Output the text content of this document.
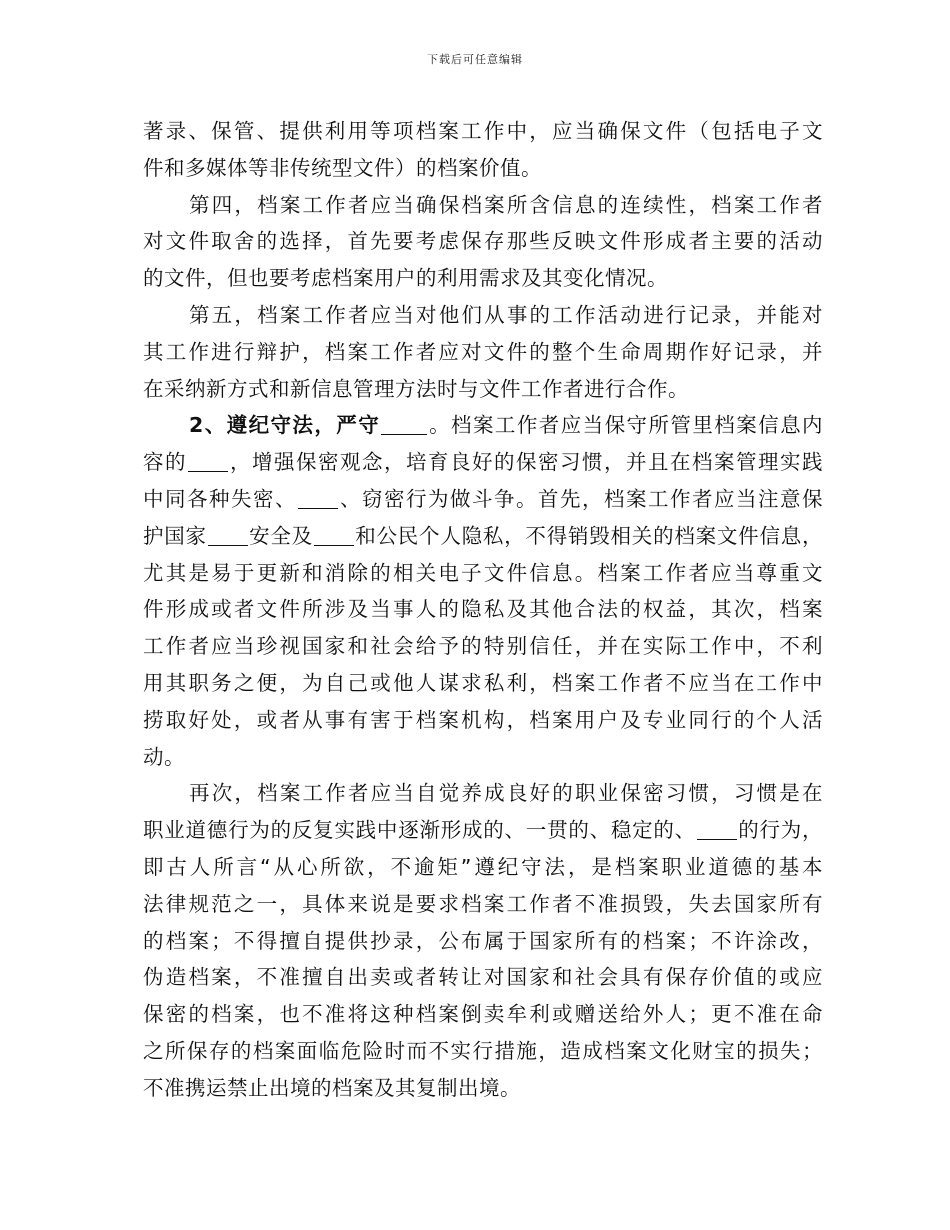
下载后可任意编辑
著录、保管、提供利用等项档案工作中，应当确保文件（包括电子文
件和多媒体等非传统型文件）的档案价值。
第四，档案工作者应当确保档案所含信息的连续性，档案工作者
对文件取舍的选择，首先要考虑保存那些反映文件形成者主要的活动
的文件，但也要考虑档案用户的利用需求及其变化情况。
第五，档案工作者应当对他们从事的工作活动进行记录，并能对
其工作进行辩护，档案工作者应对文件的整个生命周期作好记录，并
在采纳新方式和新信息管理方法时与文件工作者进行合作。
2、遵纪守法，严守 。档案工作者应当保守所管里档案信息内
容的 ，增强保密观念，培育良好的保密习惯，并且在档案管理实践
中同各种失密、 、窃密行为做斗争。首先，档案工作者应当注意保
护国家 安全及 和公民个人隐私，不得销毁相关的档案文件信息，
尤其是易于更新和消除的相关电子文件信息。档案工作者应当尊重文
件形成或者文件所涉及当事人的隐私及其他合法的权益，其次，档案
工作者应当珍视国家和社会给予的特别信任，并在实际工作中，不利
用其职务之便，为自己或他人谋求私利，档案工作者不应当在工作中
捞取好处，或者从事有害于档案机构，档案用户及专业同行的个人活
动。
再次，档案工作者应当自觉养成良好的职业保密习惯，习惯是在
职业道德行为的反复实践中逐渐形成的、一贯的、稳定的、 的行为，
即古人所言“从心所欲，不逾矩”遵纪守法，是档案职业道德的基本
法律规范之一，具体来说是要求档案工作者不准损毁，失去国家所有
的档案；不得擅自提供抄录，公布属于国家所有的档案；不许涂改，
伪造档案，不准擅自出卖或者转让对国家和社会具有保存价值的或应
保密的档案，也不准将这种档案倒卖牟利或赠送给外人；更不准在命
之所保存的档案面临危险时而不实行措施，造成档案文化财宝的损失；
不准携运禁止出境的档案及其复制出境。
